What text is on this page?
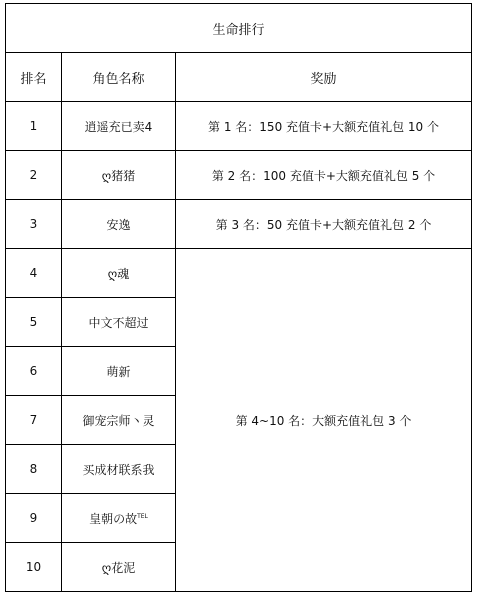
生命排行		
排名	角色名称	奖励
1	逍遥充已卖4	第 1 名：150 充值卡+大额充值礼包 10 个
2	ღ猪猪	第 2 名：100 充值卡+大额充值礼包 5 个
3	安逸	第 3 名：50 充值卡+大额充值礼包 2 个
4	ღ魂	第 4~10 名：大额充值礼包 3 个
5	中文不超过	
6	萌新	
7	御宠宗师丶灵	
8	买成材联系我	
9	皇朝の故$^{TEL}$
10	ღ花泥	
